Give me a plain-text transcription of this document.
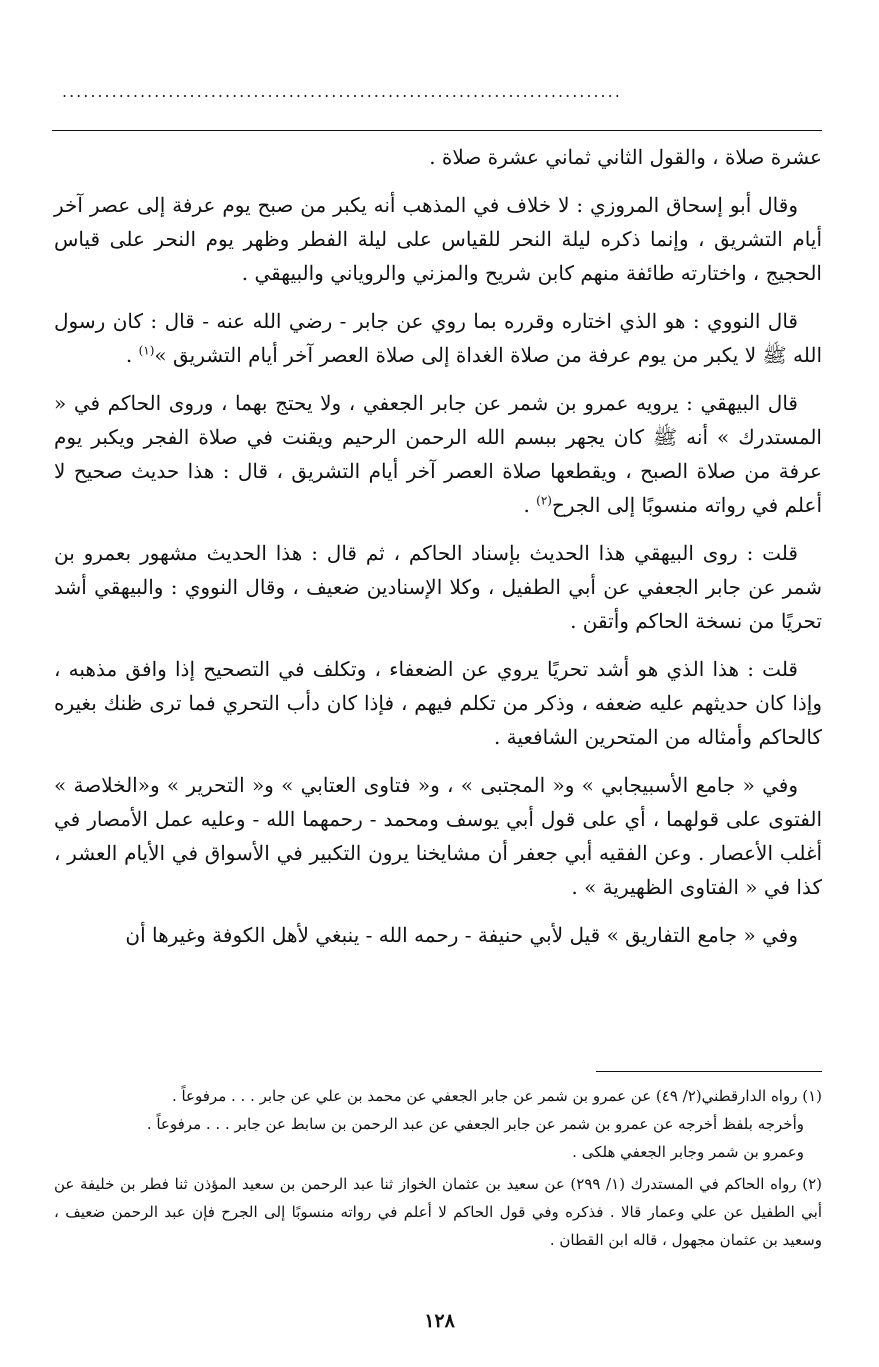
...............................................................................

عشرة صلاة ، والقول الثاني ثماني عشرة صلاة .

وقال أبو إسحاق المروزي : لا خلاف في المذهب أنه يكبر من صبح يوم عرفة إلى عصر آخر أيام التشريق ، وإنما ذكره ليلة النحر للقياس على ليلة الفطر وظهر يوم النحر على قياس الحجيج ، واختارته طائفة منهم كابن شريح والمزني والروياني والبيهقي .

قال النووي : هو الذي اختاره وقرره بما روي عن جابر - رضي الله عنه - قال : كان رسول الله ﷺ لا يكبر من يوم عرفة من صلاة الغداة إلى صلاة العصر آخر أيام التشريق »$^{(١)}$ .

قال البيهقي : يرويه عمرو بن شمر عن جابر الجعفي ، ولا يحتج بهما ، وروى الحاكم في « المستدرك » أنه ﷺ كان يجهر ببسم الله الرحمن الرحيم ويقنت في صلاة الفجر ويكبر يوم عرفة من صلاة الصبح ، ويقطعها صلاة العصر آخر أيام التشريق ، قال : هذا حديث صحيح لا أعلم في رواته منسوبًا إلى الجرح$^{(٢)}$ .

قلت : روى البيهقي هذا الحديث بإسناد الحاكم ، ثم قال : هذا الحديث مشهور بعمرو بن شمر عن جابر الجعفي عن أبي الطفيل ، وكلا الإسنادين ضعيف ، وقال النووي : والبيهقي أشد تحريًا من نسخة الحاكم وأتقن .

قلت : هذا الذي هو أشد تحريًا يروي عن الضعفاء ، وتكلف في التصحيح إذا وافق مذهبه ، وإذا كان حديثهم عليه ضعفه ، وذكر من تكلم فيهم ، فإذا كان دأب التحري فما ترى ظنك بغيره كالحاكم وأمثاله من المتحرين الشافعية .

وفي « جامع الأسبيجابي » و« المجتبى » ، و« فتاوى العتابي » و« التحرير » و«الخلاصة » الفتوى على قولهما ، أي على قول أبي يوسف ومحمد - رحمهما الله - وعليه عمل الأمصار في أغلب الأعصار . وعن الفقيه أبي جعفر أن مشايخنا يرون التكبير في الأسواق في الأيام العشر ، كذا في « الفتاوى الظهيرية » .

وفي « جامع التفاريق » قيل لأبي حنيفة - رحمه الله - ينبغي لأهل الكوفة وغيرها أن

(١) رواه الدارقطني(٢/ ٤٩) عن عمرو بن شمر عن جابر الجعفي عن محمد بن علي عن جابر . . . مرفوعاً .

وأخرجه بلفظ أخرجه عن عمرو بن شمر عن جابر الجعفي عن عبد الرحمن بن سابط عن جابر . . . مرفوعاً .

وعمرو بن شمر وجابر الجعفي هلكى .

(٢) رواه الحاكم في المستدرك (١/ ٢٩٩) عن سعيد بن عثمان الخواز ثنا عبد الرحمن بن سعيد المؤذن ثنا فطر بن خليفة عن أبي الطفيل عن علي وعمار قالا . فذكره وفي قول الحاكم لا أعلم في رواته منسوبًا إلى الجرح فإن عبد الرحمن ضعيف ، وسعيد بن عثمان مجهول ، قاله ابن القطان .

١٢٨
